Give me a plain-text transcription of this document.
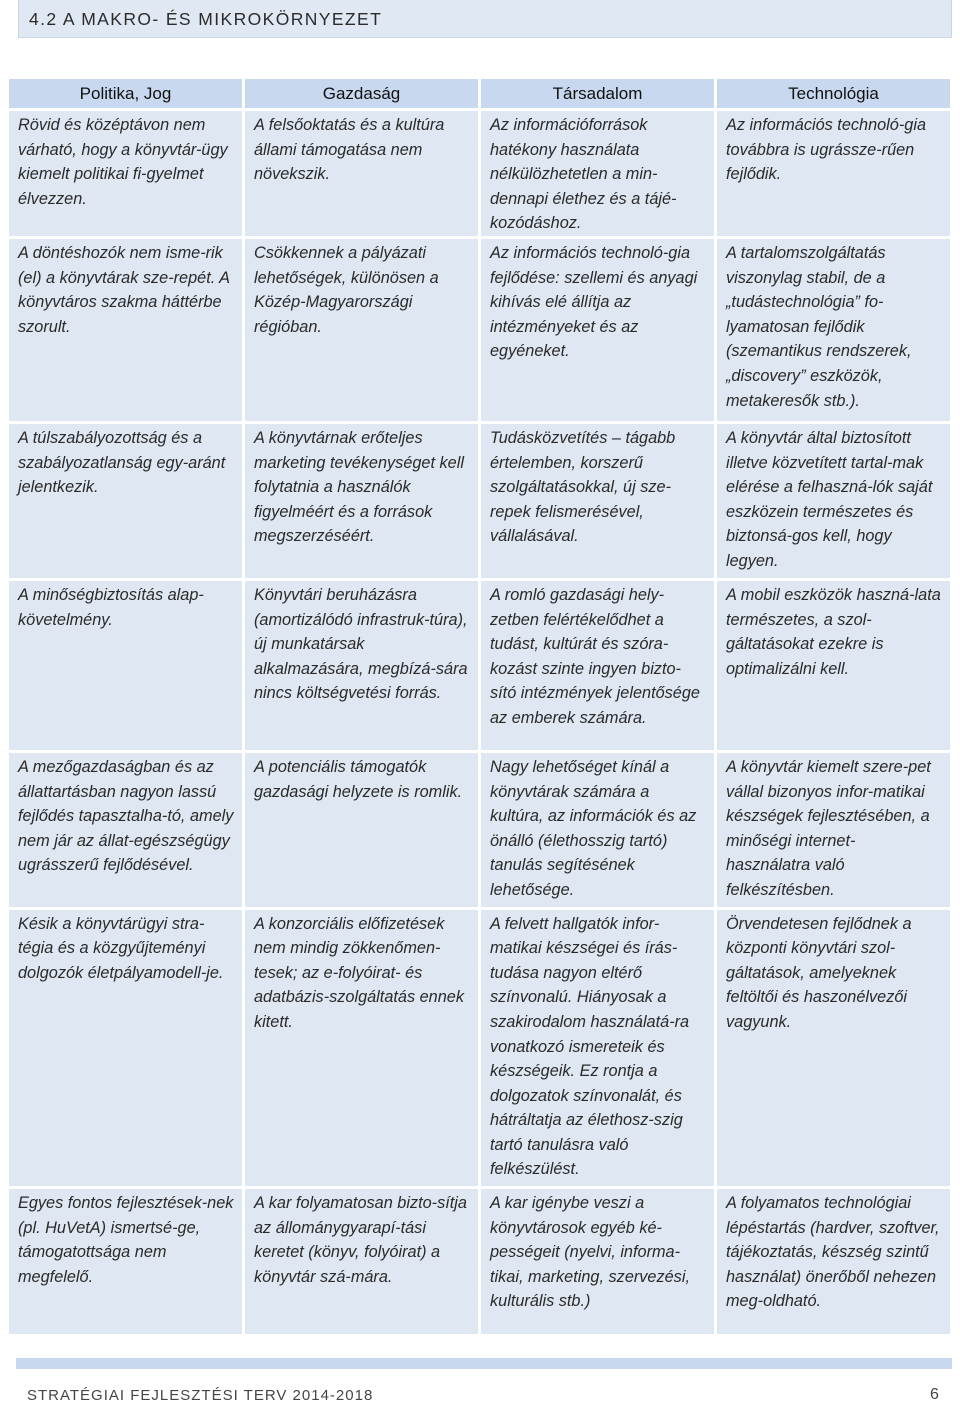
4.2 A MAKRO- ÉS MIKROKÖRNYEZET
Politika, Jog	Gazdaság	Társadalom	Technológia
Rövid és középtávon nem várható, hogy a könyvtár-ügy kiemelt politikai fi-gyelmet élvezzen.	A felsőoktatás és a kultúra állami támogatása nem növekszik.	Az információforrások hatékony használata nélkülözhetetlen a min-dennapi élethez és a tájé-kozódáshoz.	Az információs technoló-gia továbbra is ugrássze-rűen fejlődik.
A döntéshozók nem isme-rik (el) a könyvtárak sze-repét. A könyvtáros szakma háttérbe szorult.	Csökkennek a pályázati lehetőségek, különösen a Közép-Magyarországi régióban.	Az információs technoló-gia fejlődése: szellemi és anyagi kihívás elé állítja az intézményeket és az egyéneket.	A tartalomszolgáltatás viszonylag stabil, de a „tudástechnológia” fo-lyamatosan fejlődik (szemantikus rendszerek, „discovery” eszközök, metakeresők stb.).
A túlszabályozottság és a szabályozatlanság egy-aránt jelentkezik.	A könyvtárnak erőteljes marketing tevékenységet kell folytatnia a használók figyelméért és a források megszerzéséért.	Tudásközvetítés – tágabb értelemben, korszerű szolgáltatásokkal, új sze-repek felismerésével, vállalásával.	A könyvtár által biztosított illetve közvetített tartal-mak elérése a felhaszná-lók saját eszközein természetes és biztonsá-gos kell, hogy legyen.
A minőségbiztosítás alap-követelmény.	Könyvtári beruházásra (amortizálódó infrastruk-túra), új munkatársak alkalmazására, megbízá-sára nincs költségvetési forrás.	A romló gazdasági hely-zetben felértékelődhet a tudást, kultúrát és szóra-kozást szinte ingyen bizto-sító intézmények jelentősége az emberek számára.	A mobil eszközök haszná-lata természetes, a szol-gáltatásokat ezekre is optimalizálni kell.
A mezőgazdaságban és az állattartásban nagyon lassú fejlődés tapasztalha-tó, amely nem jár az állat-egészségügy ugrásszerű fejlődésével.	A potenciális támogatók gazdasági helyzete is romlik.	Nagy lehetőséget kínál a könyvtárak számára a kultúra, az információk és az önálló (élethosszig tartó) tanulás segítésének lehetősége.	A könyvtár kiemelt szere-pet vállal bizonyos infor-matikai készségek fejlesztésében, a minőségi internet- használatra való felkészítésben.
Késik a könyvtárügyi stra-tégia és a közgyűjteményi dolgozók életpályamodell-je.	A konzorciális előfizetések nem mindig zökkenőmen-tesek; az e-folyóirat- és adatbázis-szolgáltatás ennek kitett.	A felvett hallgatók infor-matikai készségei és írás-tudása nagyon eltérő színvonalú. Hiányosak a szakirodalom használatá-ra vonatkozó ismereteik és készségeik. Ez rontja a dolgozatok színvonalát, és hátráltatja az élethosz-szig tartó tanulásra való felkészülést.	Örvendetesen fejlődnek a központi könyvtári szol-gáltatások, amelyeknek feltöltői és haszonélvezői vagyunk.
Egyes fontos fejlesztések-nek (pl. HuVetA) ismertsé-ge, támogatottsága nem megfelelő.	A kar folyamatosan bizto-sítja az állománygyarapí-tási keretet (könyv, folyóirat) a könyvtár szá-mára.	A kar igénybe veszi a könyvtárosok egyéb ké-pességeit (nyelvi, informa-tikai, marketing, szervezési, kulturális stb.)	A folyamatos technológiai lépéstartás (hardver, szoftver, tájékoztatás, készség szintű használat) önerőből nehezen meg-oldható.
STRATÉGIAI FEJLESZTÉSI TERV 2014-2018	6
